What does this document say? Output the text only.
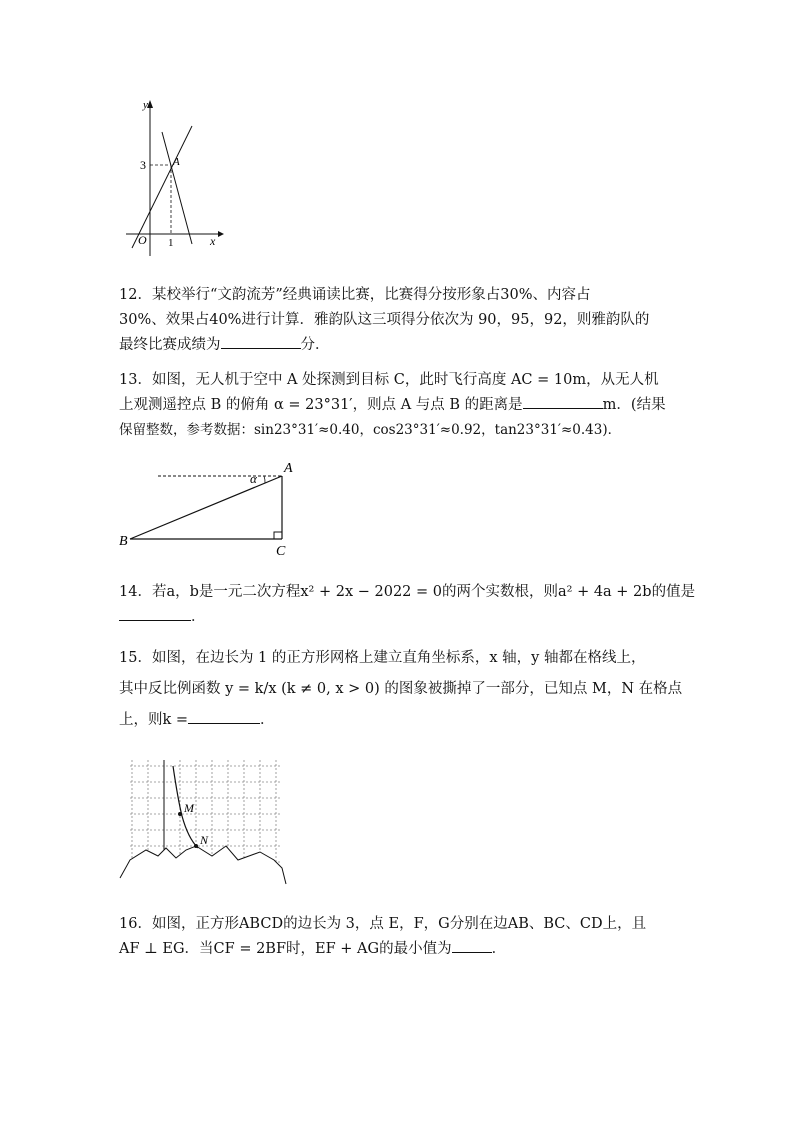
y
x
O
3
1
A
12．某校举行“文韵流芳”经典诵读比赛，比赛得分按形象占30%、内容占
30%、效果占40%进行计算．雅韵队这三项得分依次为 90，95，92，则雅韵队的
最终比赛成绩为	分．
13．如图，无人机于空中 A 处探测到目标 C，此时飞行高度 AC = 10m，从无人机
上观测遥控点 B 的俯角 α = 23°31′，则点 A 与点 B 的距离是	m．(结果
保留整数，参考数据：sin23°31′≈0.40，cos23°31′≈0.92，tan23°31′≈0.43)．
A
B
C
α
14．若a，b是一元二次方程x² + 2x − 2022 = 0的两个实数根，则a² + 4a + 2b的值是
．
15．如图，在边长为 1 的正方形网格上建立直角坐标系，x 轴，y 轴都在格线上，
其中反比例函数 y = k/x (k ≠ 0, x > 0) 的图象被撕掉了一部分，已知点 M，N 在格点
上，则k =	．
M
N
16．如图，正方形ABCD的边长为 3，点 E，F，G分别在边AB、BC、CD上，且
AF ⊥ EG．当CF = 2BF时，EF + AG的最小值为	．
